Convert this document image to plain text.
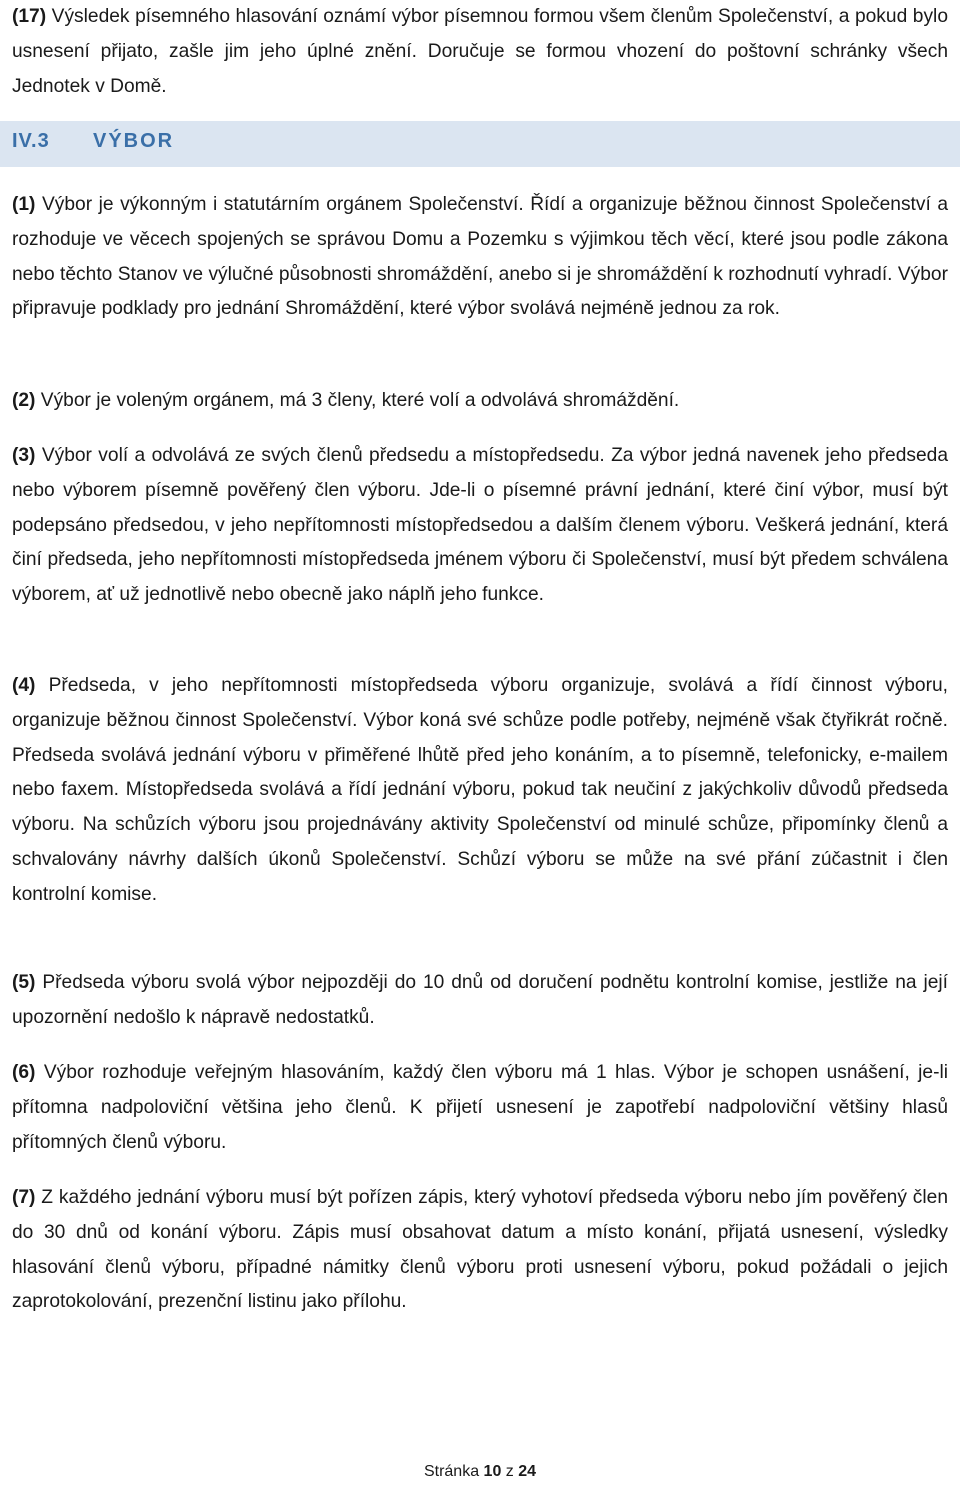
(17) Výsledek písemného hlasování oznámí výbor písemnou formou všem členům Společenství, a pokud bylo usnesení přijato, zašle jim jeho úplné znění. Doručuje se formou vhození do poštovní schránky všech Jednotek v Domě.

IV.3 VÝBOR

(1) Výbor je výkonným i statutárním orgánem Společenství. Řídí a organizuje běžnou činnost Společenství a rozhoduje ve věcech spojených se správou Domu a Pozemku s výjimkou těch věcí, které jsou podle zákona nebo těchto Stanov ve výlučné působnosti shromáždění, anebo si je shromáždění k rozhodnutí vyhradí. Výbor připravuje podklady pro jednání Shromáždění, které výbor svolává nejméně jednou za rok.

(2) Výbor je voleným orgánem, má 3 členy, které volí a odvolává shromáždění.

(3) Výbor volí a odvolává ze svých členů předsedu a místopředsedu. Za výbor jedná navenek jeho předseda nebo výborem písemně pověřený člen výboru. Jde-li o písemné právní jednání, které činí výbor, musí být podepsáno předsedou, v jeho nepřítomnosti místopředsedou a dalším členem výboru. Veškerá jednání, která činí předseda, jeho nepřítomnosti místopředseda jménem výboru či Společenství, musí být předem schválena výborem, ať už jednotlivě nebo obecně jako náplň jeho funkce.

(4) Předseda, v jeho nepřítomnosti místopředseda výboru organizuje, svolává a řídí činnost výboru, organizuje běžnou činnost Společenství. Výbor koná své schůze podle potřeby, nejméně však čtyřikrát ročně. Předseda svolává jednání výboru v přiměřené lhůtě před jeho konáním, a to písemně, telefonicky, e-mailem nebo faxem. Místopředseda svolává a řídí jednání výboru, pokud tak neučiní z jakýchkoliv důvodů předseda výboru. Na schůzích výboru jsou projednávány aktivity Společenství od minulé schůze, připomínky členů a schvalovány návrhy dalších úkonů Společenství. Schůzí výboru se může na své přání zúčastnit i člen kontrolní komise.

(5) Předseda výboru svolá výbor nejpozději do 10 dnů od doručení podnětu kontrolní komise, jestliže na její upozornění nedošlo k nápravě nedostatků.

(6) Výbor rozhoduje veřejným hlasováním, každý člen výboru má 1 hlas. Výbor je schopen usnášení, je-li přítomna nadpoloviční většina jeho členů. K přijetí usnesení je zapotřebí nadpoloviční většiny hlasů přítomných členů výboru.

(7) Z každého jednání výboru musí být pořízen zápis, který vyhotoví předseda výboru nebo jím pověřený člen do 30 dnů od konání výboru. Zápis musí obsahovat datum a místo konání, přijatá usnesení, výsledky hlasování členů výboru, případné námitky členů výboru proti usnesení výboru, pokud požádali o jejich zaprotokolování, prezenční listinu jako přílohu.

Stránka 10 z 24
